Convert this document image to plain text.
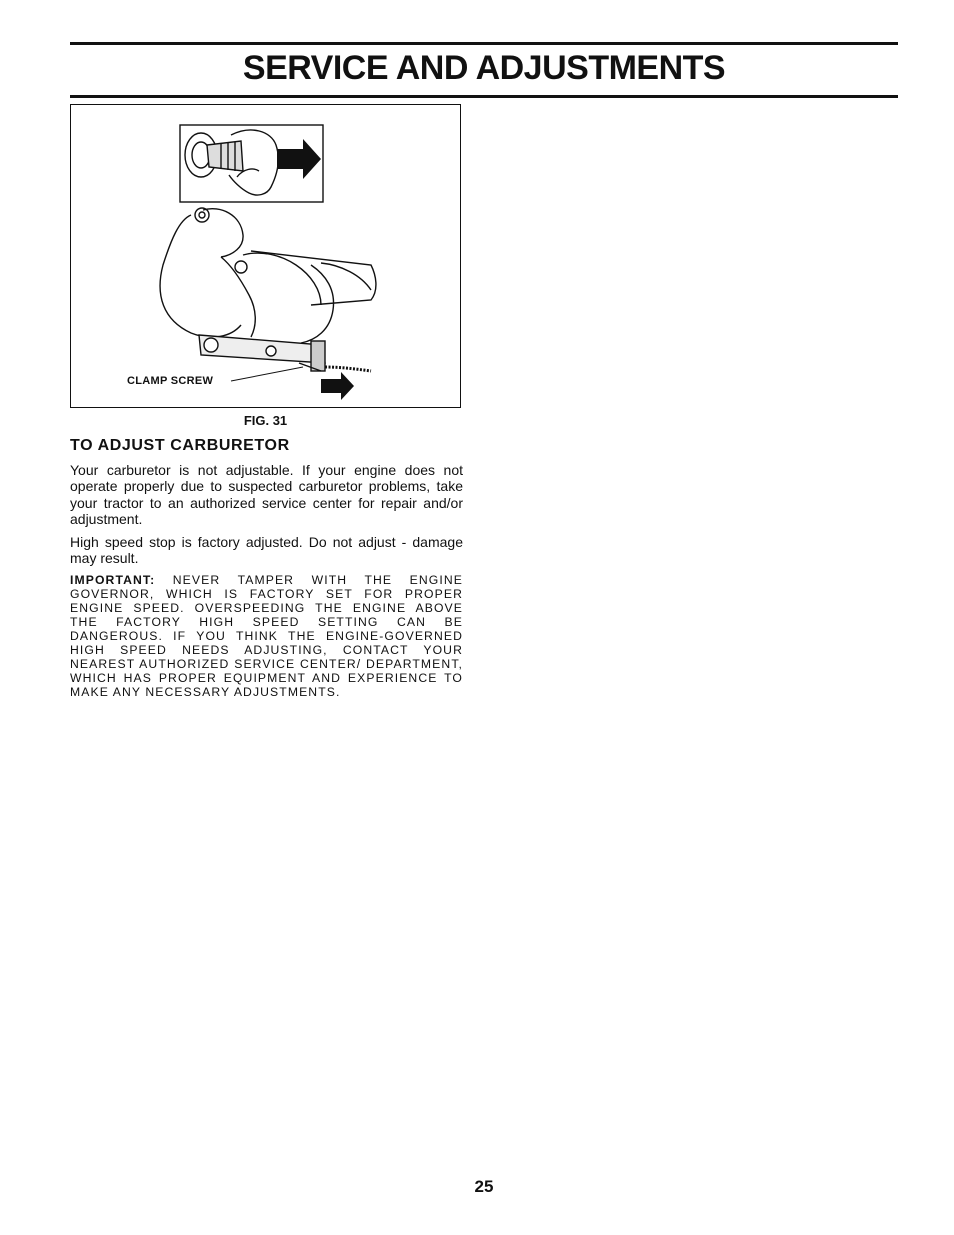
SERVICE AND ADJUSTMENTS
CLAMP SCREW
FIG. 31
TO ADJUST CARBURETOR

Your carburetor is not adjustable. If your engine does not operate properly due to suspected carburetor problems, take your tractor to an authorized service center for repair and/or adjustment.

High speed stop is factory adjusted. Do not adjust - damage may result.

IMPORTANT: NEVER TAMPER WITH THE ENGINE GOVERNOR, WHICH IS FACTORY SET FOR PROPER ENGINE SPEED. OVERSPEEDING THE ENGINE ABOVE THE FACTORY HIGH SPEED SETTING CAN BE DANGEROUS. IF YOU THINK THE ENGINE-GOVERNED HIGH SPEED NEEDS ADJUSTING, CONTACT YOUR NEAREST AUTHORIZED SERVICE CENTER/ DEPARTMENT, WHICH HAS PROPER EQUIPMENT AND EXPERIENCE TO MAKE ANY NECESSARY ADJUSTMENTS.

25
